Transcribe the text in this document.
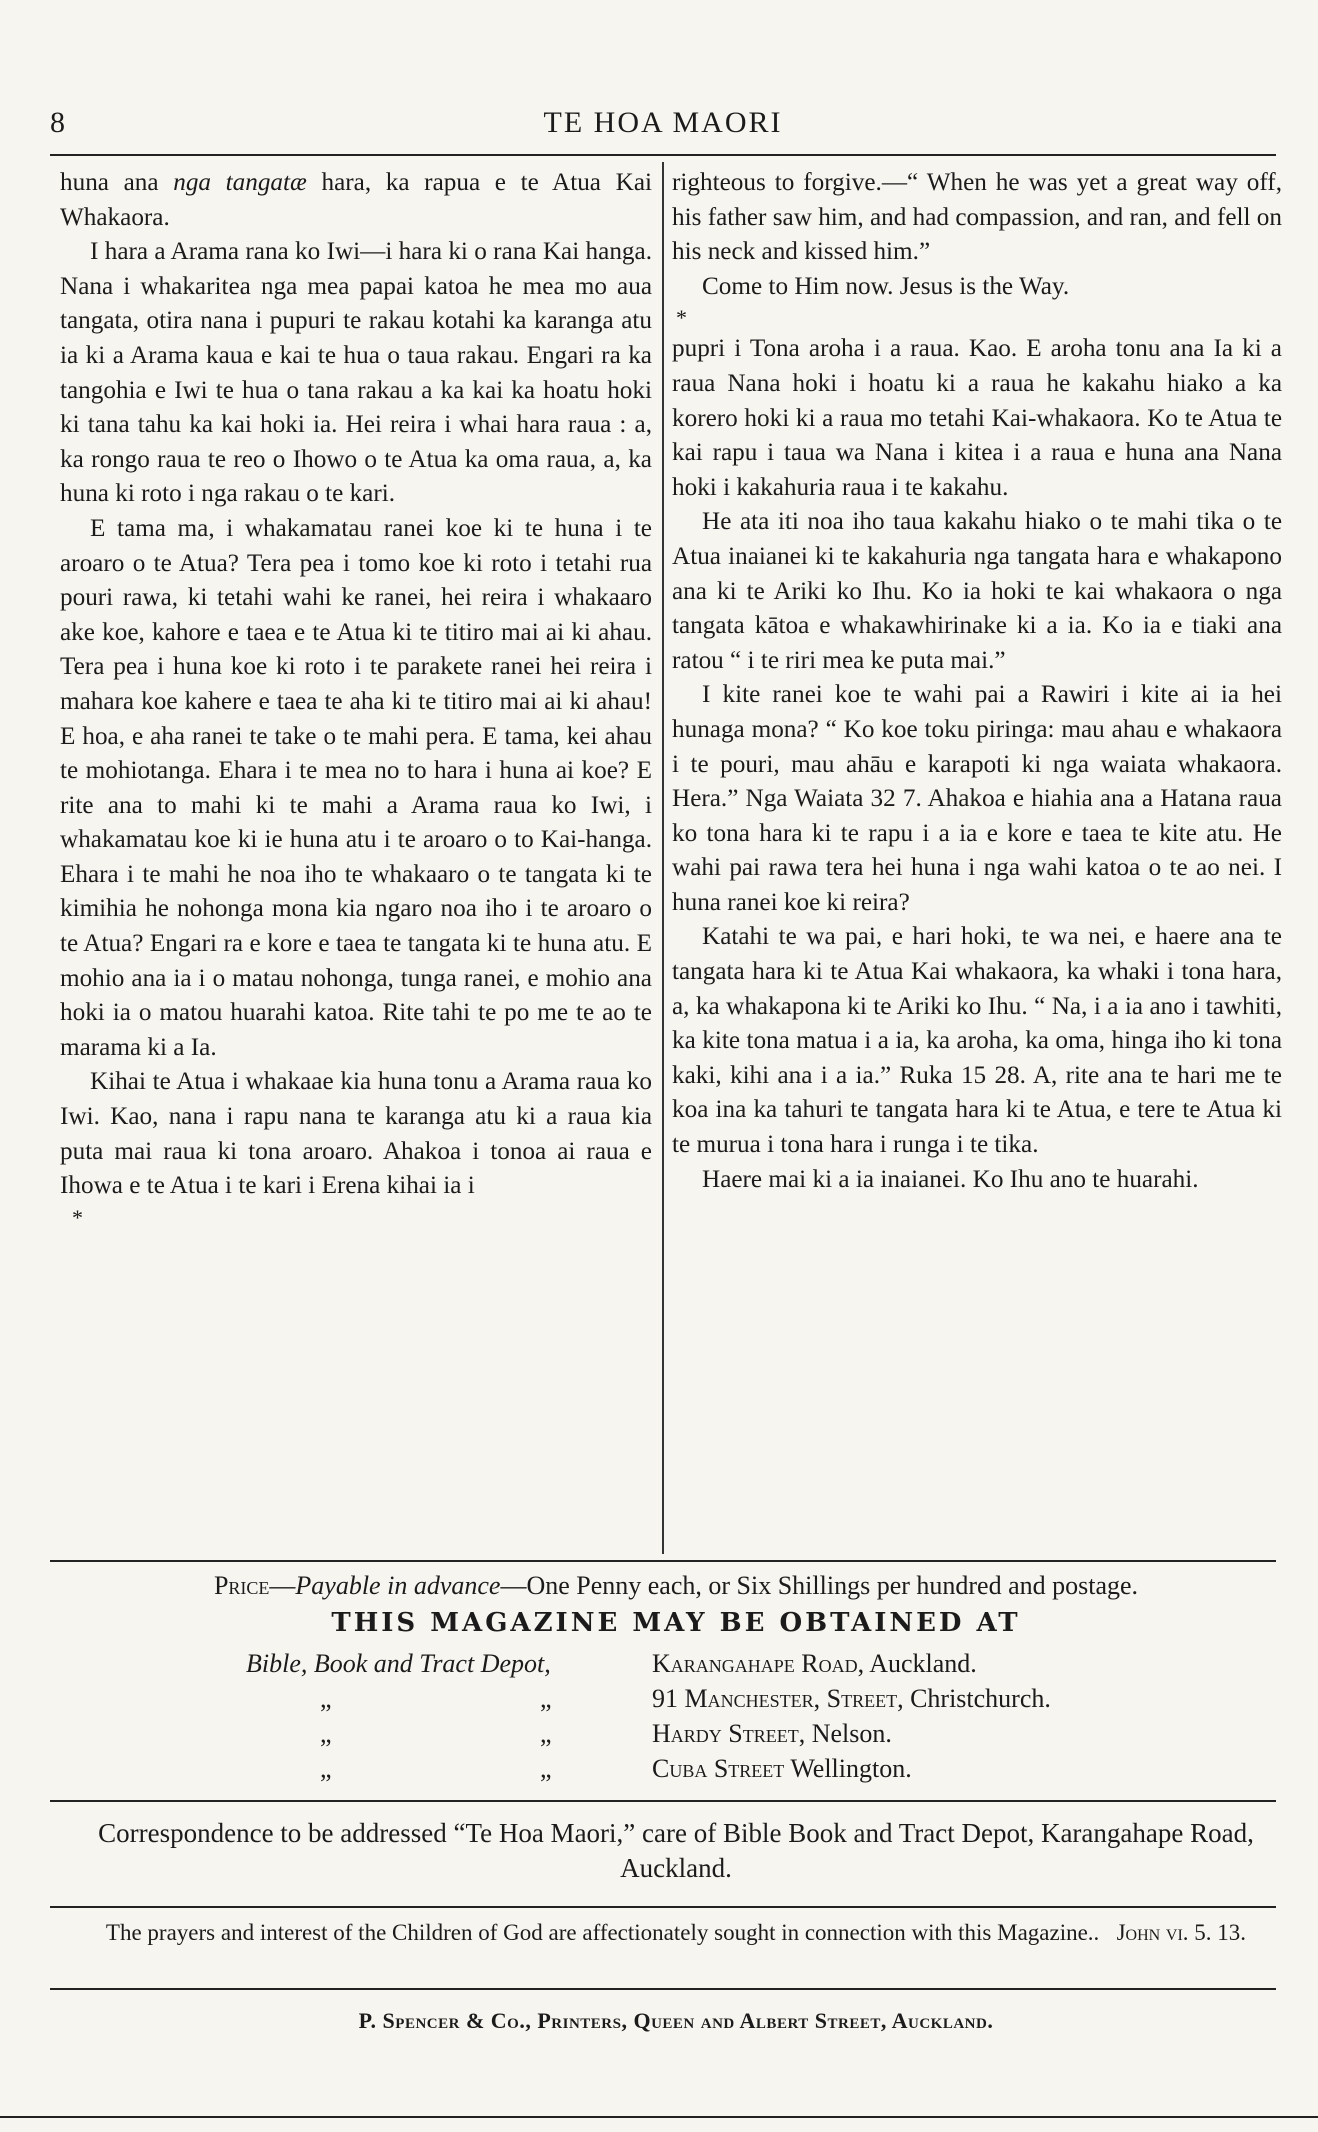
8	TE HOA MAORI

huna ana nga tangatæ hara, ka rapua e te Atua Kai Whakaora.

I hara a Arama rana ko Iwi—i hara ki o rana Kai hanga. Nana i whakaritea nga mea papai katoa he mea mo aua tangata, otira nana i pupuri te rakau kotahi ka karanga atu ia ki a Arama kaua e kai te hua o taua rakau. Engari ra ka tangohia e Iwi te hua o tana rakau a ka kai ka hoatu hoki ki tana tahu ka kai hoki ia. Hei reira i whai hara raua : a, ka rongo raua te reo o Ihowo o te Atua ka oma raua, a, ka huna ki roto i nga rakau o te kari.

E tama ma, i whakamatau ranei koe ki te huna i te aroaro o te Atua? Tera pea i tomo koe ki roto i tetahi rua pouri rawa, ki tetahi wahi ke ranei, hei reira i whakaaro ake koe, kahore e taea e te Atua ki te titiro mai ai ki ahau. Tera pea i huna koe ki roto i te parakete ranei hei reira i mahara koe kahere e taea te aha ki te titiro mai ai ki ahau! E hoa, e aha ranei te take o te mahi pera. E tama, kei ahau te mohiotanga. Ehara i te mea no to hara i huna ai koe? E rite ana to mahi ki te mahi a Arama raua ko Iwi, i whakamatau koe ki ie huna atu i te aroaro o to Kai-hanga. Ehara i te mahi he noa iho te whakaaro o te tangata ki te kimihia he nohonga mona kia ngaro noa iho i te aroaro o te Atua? Engari ra e kore e taea te tangata ki te huna atu. E mohio ana ia i o matau nohonga, tunga ranei, e mohio ana hoki ia o matou huarahi katoa. Rite tahi te po me te ao te marama ki a Ia.

Kihai te Atua i whakaae kia huna tonu a Arama raua ko Iwi. Kao, nana i rapu nana te karanga atu ki a raua kia puta mai raua ki tona aroaro. Ahakoa i tonoa ai raua e Ihowa e te Atua i te kari i Erena kihai ia i

*

righteous to forgive.—“ When he was yet a great way off, his father saw him, and had compassion, and ran, and fell on his neck and kissed him.”

Come to Him now. Jesus is the Way.

*

pupri i Tona aroha i a raua. Kao. E aroha tonu ana Ia ki a raua Nana hoki i hoatu ki a raua he kakahu hiako a ka korero hoki ki a raua mo tetahi Kai-whakaora. Ko te Atua te kai rapu i taua wa Nana i kitea i a raua e huna ana Nana hoki i kakahuria raua i te kakahu.

He ata iti noa iho taua kakahu hiako o te mahi tika o te Atua inaianei ki te kakahuria nga tangata hara e whakapono ana ki te Ariki ko Ihu. Ko ia hoki te kai whakaora o nga tangata kātoa e whakawhirinake ki a ia. Ko ia e tiaki ana ratou “ i te riri mea ke puta mai.”

I kite ranei koe te wahi pai a Rawiri i kite ai ia hei hunaga mona? “ Ko koe toku piringa: mau ahau e whakaora i te pouri, mau ahāu e karapoti ki nga waiata whakaora. Hera.” Nga Waiata 32 7. Ahakoa e hiahia ana a Hatana raua ko tona hara ki te rapu i a ia e kore e taea te kite atu. He wahi pai rawa tera hei huna i nga wahi katoa o te ao nei. I huna ranei koe ki reira?

Katahi te wa pai, e hari hoki, te wa nei, e haere ana te tangata hara ki te Atua Kai whakaora, ka whaki i tona hara, a, ka whakapona ki te Ariki ko Ihu. “ Na, i a ia ano i tawhiti, ka kite tona matua i a ia, ka aroha, ka oma, hinga iho ki tona kaki, kihi ana i a ia.” Ruka 15 28. A, rite ana te hari me te koa ina ka tahuri te tangata hara ki te Atua, e tere te Atua ki te murua i tona hara i runga i te tika.

Haere mai ki a ia inaianei. Ko Ihu ano te huarahi.

Price—Payable in advance—One Penny each, or Six Shillings per hundred and postage.
THIS MAGAZINE MAY BE OBTAINED AT
Bible, Book and Tract Depot,	Karangahape Road, Auckland.
„	„	91 Manchester, Street, Christchurch.
„	„	Hardy Street, Nelson.
„	„	Cuba Street Wellington.
Correspondence to be addressed “Te Hoa Maori,” care of Bible Book and Tract Depot, Karangahape Road, Auckland.
The prayers and interest of the Children of God are affectionately sought in connection with this Magazine.. John vi. 5. 13.
P. Spencer & Co., Printers, Queen and Albert Street, Auckland.
